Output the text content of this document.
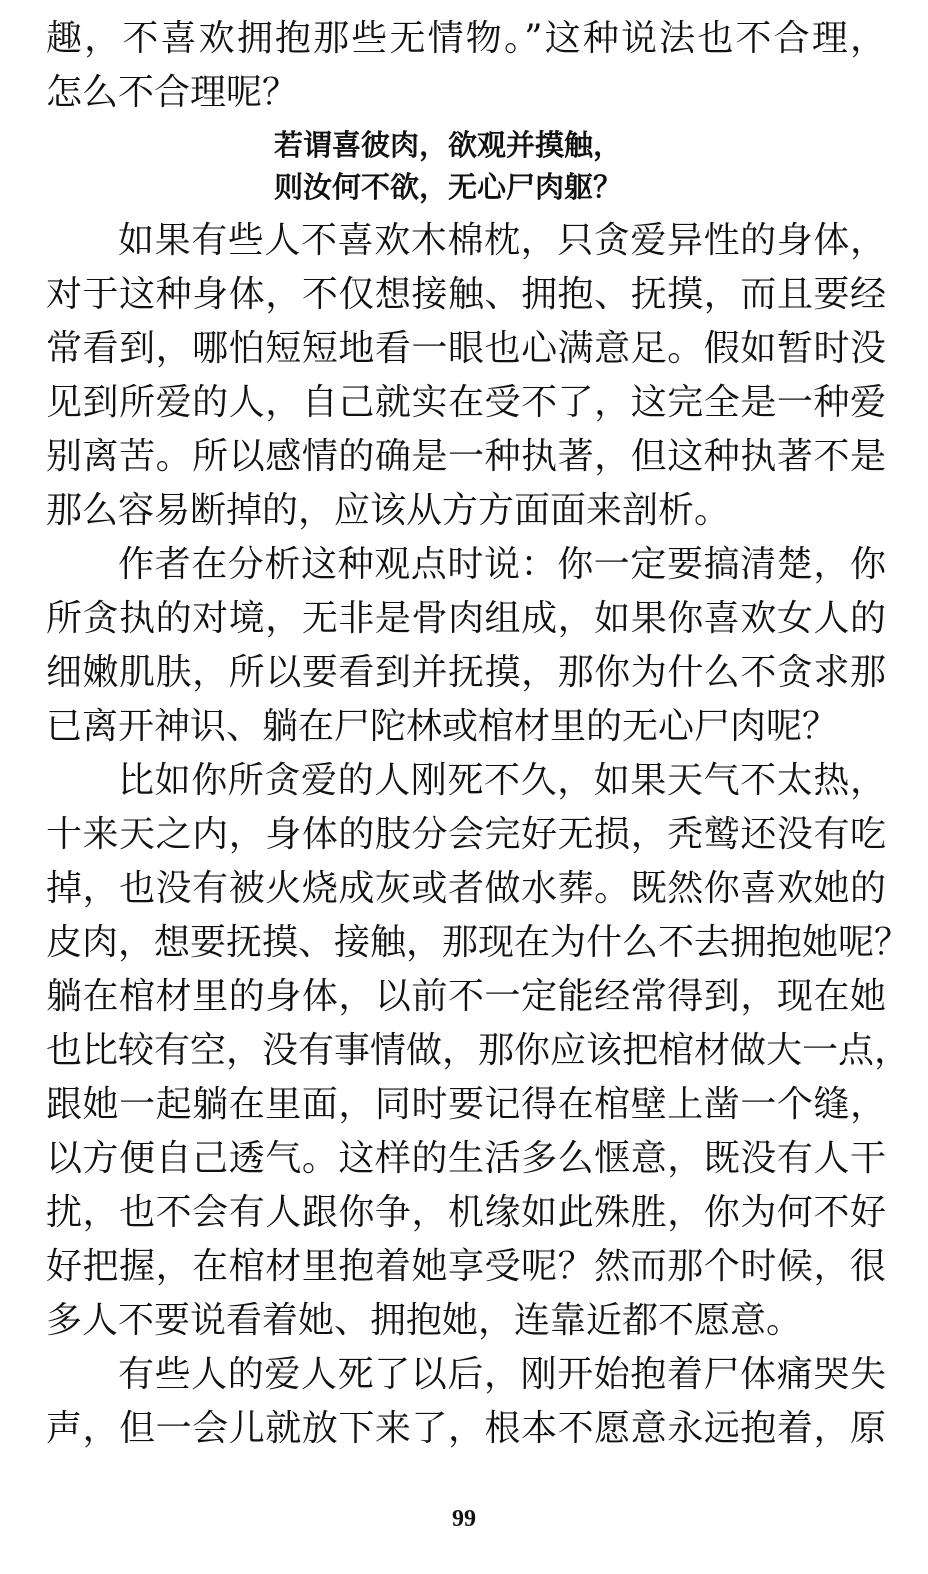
趣，不喜欢拥抱那些无情物。”这种说法也不合理，
怎么不合理呢？
若谓喜彼肉，欲观并摸触，
则汝何不欲，无心尸肉躯？
如果有些人不喜欢木棉枕，只贪爱异性的身体，
对于这种身体，不仅想接触、拥抱、抚摸，而且要经
常看到，哪怕短短地看一眼也心满意足。假如暂时没
见到所爱的人，自己就实在受不了，这完全是一种爱
别离苦。所以感情的确是一种执著，但这种执著不是
那么容易断掉的，应该从方方面面来剖析。
作者在分析这种观点时说：你一定要搞清楚，你
所贪执的对境，无非是骨肉组成，如果你喜欢女人的
细嫩肌肤，所以要看到并抚摸，那你为什么不贪求那
已离开神识、躺在尸陀林或棺材里的无心尸肉呢？
比如你所贪爱的人刚死不久，如果天气不太热，
十来天之内，身体的肢分会完好无损，秃鹫还没有吃
掉，也没有被火烧成灰或者做水葬。既然你喜欢她的
皮肉，想要抚摸、接触，那现在为什么不去拥抱她呢？
躺在棺材里的身体，以前不一定能经常得到，现在她
也比较有空，没有事情做，那你应该把棺材做大一点，
跟她一起躺在里面，同时要记得在棺壁上凿一个缝，
以方便自己透气。这样的生活多么惬意，既没有人干
扰，也不会有人跟你争，机缘如此殊胜，你为何不好
好把握，在棺材里抱着她享受呢？然而那个时候，很
多人不要说看着她、拥抱她，连靠近都不愿意。
有些人的爱人死了以后，刚开始抱着尸体痛哭失
声，但一会儿就放下来了，根本不愿意永远抱着，原
99
